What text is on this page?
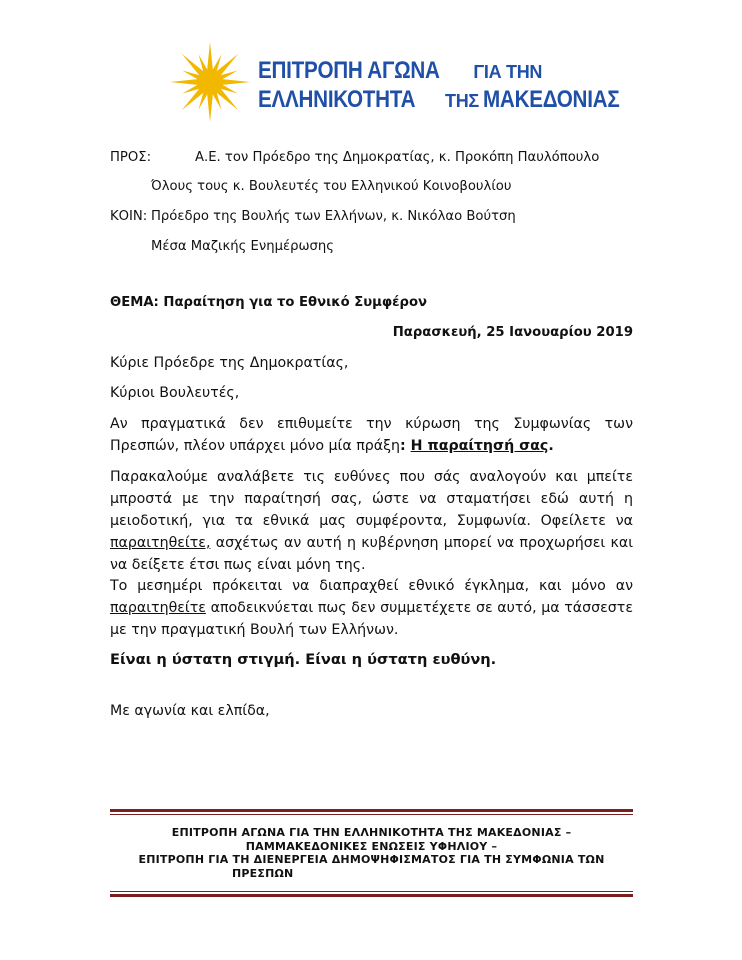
ΕΠΙΤΡΟΠΗ ΑΓΩΝΑ ΓΙΑ ΤΗΝ
ΕΛΛΗΝΙΚΟΤΗΤΑ ΤΗΣ ΜΑΚΕΔΟΝΙΑΣ
ΠΡΟΣ:	Α.Ε. τον Πρόεδρο της Δημοκρατίας, κ. Προκόπη Παυλόπουλο
Όλους τους κ. Βουλευτές του Ελληνικού Κοινοβουλίου
ΚΟΙΝ: Πρόεδρο της Βουλής των Ελλήνων, κ. Νικόλαο Βούτση
Μέσα Μαζικής Ενημέρωσης
ΘΕΜΑ: Παραίτηση για το Εθνικό Συμφέρον
Παρασκευή, 25 Ιανουαρίου 2019
Κύριε Πρόεδρε της Δημοκρατίας,
Κύριοι Βουλευτές,
Αν πραγματικά δεν επιθυμείτε την κύρωση της Συμφωνίας των Πρεσπών, πλέον υπάρχει μόνο μία πράξη: Η παραίτησή σας.
Παρακαλούμε αναλάβετε τις ευθύνες που σάς αναλογούν και μπείτε μπροστά με την παραίτησή σας, ώστε να σταματήσει εδώ αυτή η μειοδοτική, για τα εθνικά μας συμφέροντα, Συμφωνία. Οφείλετε να παραιτηθείτε, ασχέτως αν αυτή η κυβέρνηση μπορεί να προχωρήσει και να δείξετε έτσι πως είναι μόνη της.
Το μεσημέρι πρόκειται να διαπραχθεί εθνικό έγκλημα, και μόνο αν παραιτηθείτε αποδεικνύεται πως δεν συμμετέχετε σε αυτό, μα τάσσεστε με την πραγματική Βουλή των Ελλήνων.
Είναι η ύστατη στιγμή. Είναι η ύστατη ευθύνη.
Με αγωνία και ελπίδα,
ΕΠΙΤΡΟΠΗ ΑΓΩΝΑ ΓΙΑ ΤΗΝ ΕΛΛΗΝΙΚΟΤΗΤΑ ΤΗΣ ΜΑΚΕΔΟΝΙΑΣ –
ΠΑΜΜΑΚΕΔΟΝΙΚΕΣ ΕΝΩΣΕΙΣ ΥΦΗΛΙΟΥ –
ΕΠΙΤΡΟΠΗ ΓΙΑ ΤΗ ΔΙΕΝΕΡΓΕΙΑ ΔΗΜΟΨΗΦΙΣΜΑΤΟΣ ΓΙΑ ΤΗ ΣΥΜΦΩΝΙΑ ΤΩΝ
ΠΡΕΣΠΩΝ
